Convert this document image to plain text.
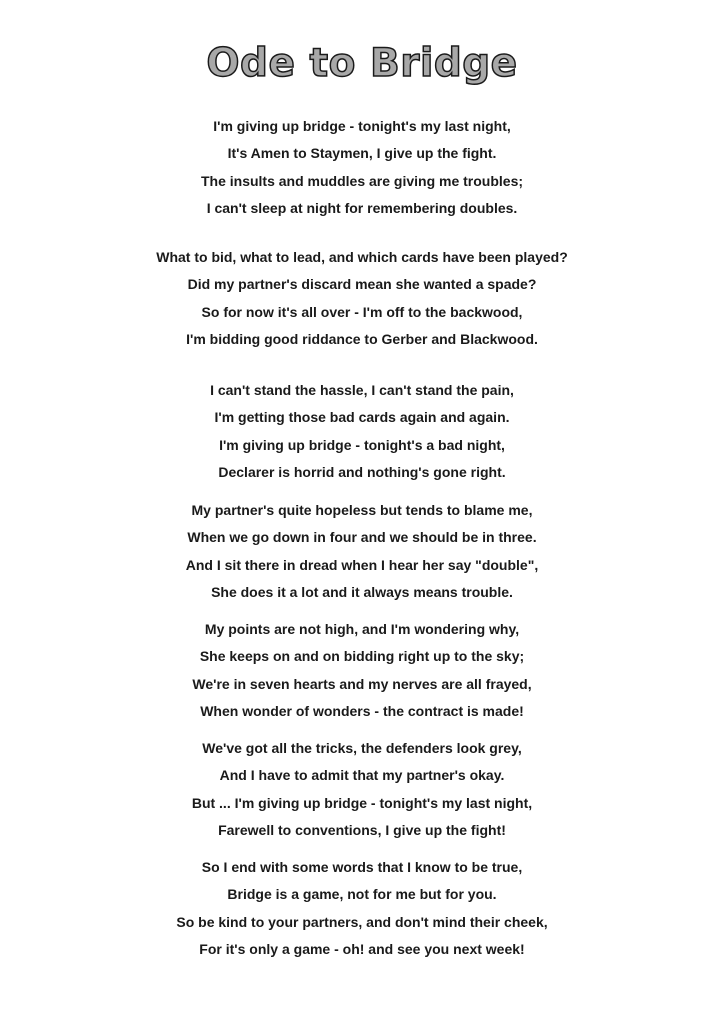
Ode to Bridge
I'm giving up bridge - tonight's my last night,
It's Amen to Staymen, I give up the fight.
The insults and muddles are giving me troubles;
I can't sleep at night for remembering doubles.
What to bid, what to lead, and which cards have been played?
Did my partner's discard mean she wanted a spade?
So for now it's all over - I'm off to the backwood,
I'm bidding good riddance to Gerber and Blackwood.
I can't stand the hassle, I can't stand the pain,
I'm getting those bad cards again and again.
I'm giving up bridge - tonight's a bad night,
Declarer is horrid and nothing's gone right.
My partner's quite hopeless but tends to blame me,
When we go down in four and we should be in three.
And I sit there in dread when I hear her say "double",
She does it a lot and it always means trouble.
My points are not high, and I'm wondering why,
She keeps on and on bidding right up to the sky;
We're in seven hearts and my nerves are all frayed,
When wonder of wonders - the contract is made!
We've got all the tricks, the defenders look grey,
And I have to admit that my partner's okay.
But ... I'm giving up bridge - tonight's my last night,
Farewell to conventions, I give up the fight!
So I end with some words that I know to be true,
Bridge is a game, not for me but for you.
So be kind to your partners, and don't mind their cheek,
For it's only a game - oh! and see you next week!
